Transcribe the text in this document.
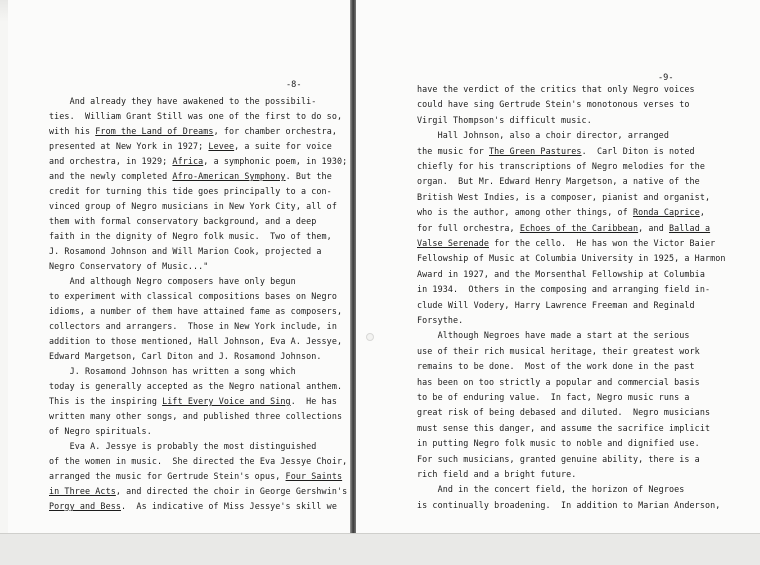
-8-
And already they have awakened to the possibili-
ties.  William Grant Still was one of the first to do so,
with his From the Land of Dreams, for chamber orchestra,
presented at New York in 1927; Levee, a suite for voice
and orchestra, in 1929; Africa, a symphonic poem, in 1930;
and the newly completed Afro-American Symphony. But the
credit for turning this tide goes principally to a con-
vinced group of Negro musicians in New York City, all of
them with formal conservatory background, and a deep
faith in the dignity of Negro folk music.  Two of them,
J. Rosamond Johnson and Will Marion Cook, projected a
Negro Conservatory of Music..."
And although Negro composers have only begun
to experiment with classical compositions bases on Negro
idioms, a number of them have attained fame as composers,
collectors and arrangers.  Those in New York include, in
addition to those mentioned, Hall Johnson, Eva A. Jessye,
Edward Margetson, Carl Diton and J. Rosamond Johnson.
J. Rosamond Johnson has written a song which
today is generally accepted as the Negro national anthem.
This is the inspiring Lift Every Voice and Sing.  He has
written many other songs, and published three collections
of Negro spirituals.
Eva A. Jessye is probably the most distinguished
of the women in music.  She directed the Eva Jessye Choir,
arranged the music for Gertrude Stein's opus, Four Saints
in Three Acts, and directed the choir in George Gershwin's
Porgy and Bess.  As indicative of Miss Jessye's skill we
-9-
have the verdict of the critics that only Negro voices
could have sing Gertrude Stein's monotonous verses to
Virgil Thompson's difficult music.
Hall Johnson, also a choir director, arranged
the music for The Green Pastures.  Carl Diton is noted
chiefly for his transcriptions of Negro melodies for the
organ.  But Mr. Edward Henry Margetson, a native of the
British West Indies, is a composer, pianist and organist,
who is the author, among other things, of Ronda Caprice,
for full orchestra, Echoes of the Caribbean, and Ballad a
Valse Serenade for the cello.  He has won the Victor Baier
Fellowship of Music at Columbia University in 1925, a Harmon
Award in 1927, and the Morsenthal Fellowship at Columbia
in 1934.  Others in the composing and arranging field in-
clude Will Vodery, Harry Lawrence Freeman and Reginald
Forsythe.
Although Negroes have made a start at the serious
use of their rich musical heritage, their greatest work
remains to be done.  Most of the work done in the past
has been on too strictly a popular and commercial basis
to be of enduring value.  In fact, Negro music runs a
great risk of being debased and diluted.  Negro musicians
must sense this danger, and assume the sacrifice implicit
in putting Negro folk music to noble and dignified use.
For such musicians, granted genuine ability, there is a
rich field and a bright future.
And in the concert field, the horizon of Negroes
is continually broadening.  In addition to Marian Anderson,
